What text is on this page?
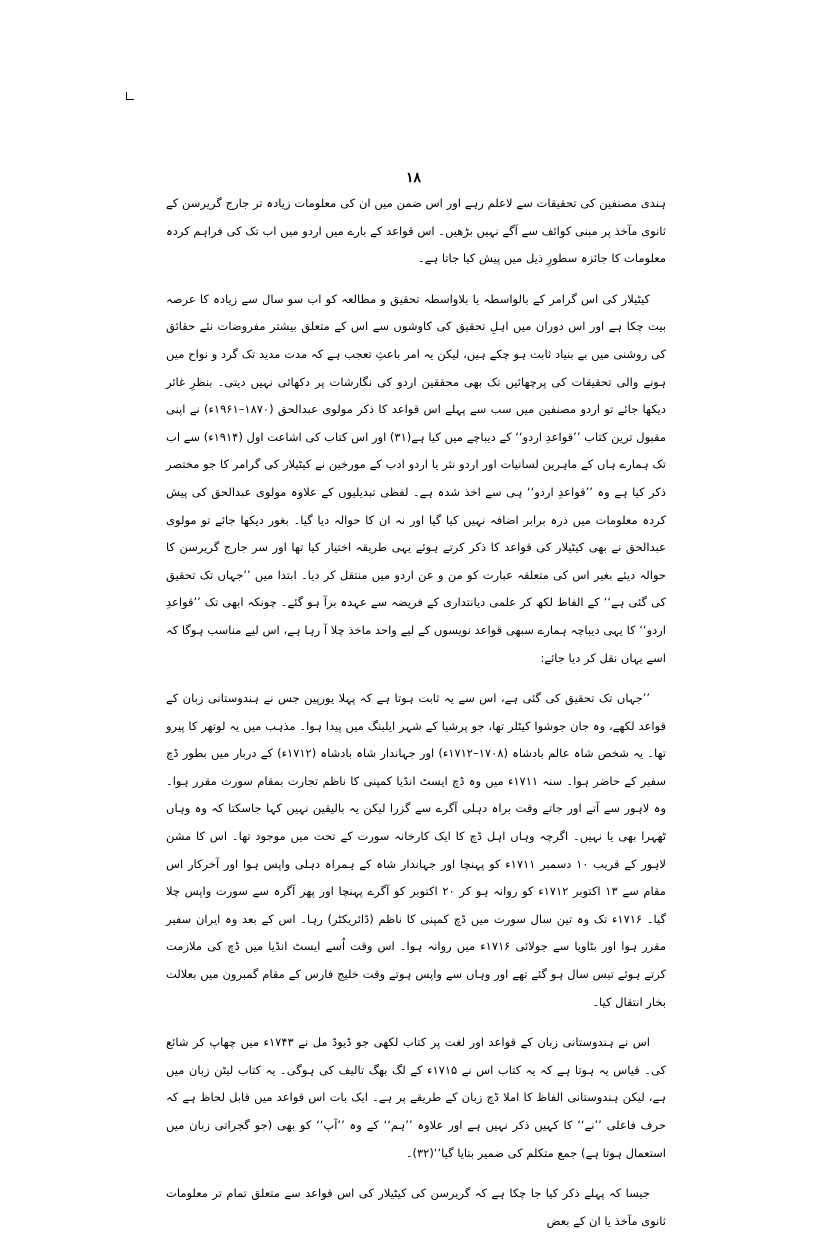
۱۸

ہندی مصنفین کی تحقیقات سے لاعلم رہے اور اس ضمن میں ان کی معلومات زیادہ تر جارج گریرسن کے ثانوی مآخذ پر مبنی کوائف سے آگے نہیں بڑھیں۔ اس قواعد کے بارے میں اردو میں اب تک کی فراہم کردہ معلومات کا جائزہ سطورِ ذیل میں پیش کیا جاتا ہے۔

کیٹیلار کی اس گرامر کے بالواسطہ یا بلاواسطہ تحقیق و مطالعہ کو اب سو سال سے زیادہ کا عرصہ بیت چکا ہے اور اس دوران میں اہلِ تحقیق کی کاوشوں سے اس کے متعلق بیشتر مفروضات نئے حقائق کی روشنی میں بے بنیاد ثابت ہو چکے ہیں، لیکن یہ امر باعثِ تعجب ہے کہ مدت مدید تک گرد و نواح میں ہونے والی تحقیقات کی پرچھائیں تک بھی محققین اردو کی نگارشات پر دکھائی نہیں دیتی۔ بنظرِ غائر دیکھا جائے تو اردو مصنفین میں سب سے پہلے اس قواعد کا ذکر مولوی عبدالحق (۱۸۷۰–۱۹۶۱ء) نے اپنی مقبول ترین کتاب ’’قواعدِ اردو‘‘ کے دیباچے میں کیا ہے(۳۱) اور اس کتاب کی اشاعت اول (۱۹۱۴ء) سے اب تک ہمارے ہاں کے ماہرین لسانیات اور اردو نثر یا اردو ادب کے مورخین نے کیٹیلار کی گرامر کا جو مختصر ذکر کیا ہے وہ ’’قواعدِ اردو‘‘ ہی سے اخذ شدہ ہے۔ لفظی تبدیلیوں کے علاوہ مولوی عبدالحق کی پیش کردہ معلومات میں ذرہ برابر اضافہ نہیں کیا گیا اور نہ ان کا حوالہ دیا گیا۔ بغور دیکھا جائے تو مولوی عبدالحق نے بھی کیٹیلار کی قواعد کا ذکر کرتے ہوئے یہی طریقہ اختیار کیا تھا اور سر جارج گریرسن کا حوالہ دیئے بغیر اس کی متعلقہ عبارت کو من و عن اردو میں منتقل کر دیا۔ ابتدا میں ’’جہاں تک تحقیق کی گئی ہے‘‘ کے الفاظ لکھ کر علمی دیانتداری کے فریضہ سے عہدہ برآ ہو گئے۔ چونکہ ابھی تک ’’قواعدِ اردو‘‘ کا یہی دیباچہ ہمارے سبھی قواعد نویسوں کے لیے واحد ماخذ چلا آ رہا ہے، اس لیے مناسب ہوگا کہ اسے یہاں نقل کر دیا جائے:

’’جہاں تک تحقیق کی گئی ہے، اس سے یہ ثابت ہوتا ہے کہ پہلا یورپین جس نے ہندوستانی زبان کے قواعد لکھے، وہ جان جوشوا کیٹلر تھا، جو پرشیا کے شہر ایلبنگ میں پیدا ہوا۔ مذہب میں یہ لوتھر کا پیرو تھا۔ یہ شخص شاہ عالم بادشاہ (۱۷۰۸–۱۷۱۲ء) اور جہاندار شاہ بادشاہ (۱۷۱۲ء) کے دربار میں بطور ڈچ سفیر کے حاضر ہوا۔ سنہ ۱۷۱۱ء میں وہ ڈچ ایسٹ انڈیا کمپنی کا ناظم تجارت بمقام سورت مقرر ہوا۔ وہ لاہور سے آتے اور جاتے وقت براہ دہلی آگرے سے گزرا لیکن یہ بالیقین نہیں کہا جاسکتا کہ وہ وہاں ٹھہرا بھی یا نہیں۔ اگرچہ وہاں اہل ڈچ کا ایک کارخانہ سورت کے تحت میں موجود تھا۔ اس کا مشن لاہور کے قریب ۱۰ دسمبر ۱۷۱۱ء کو پہنچا اور جہاندار شاہ کے ہمراہ دہلی واپس ہوا اور آخرکار اس مقام سے ۱۳ اکتوبر ۱۷۱۲ء کو روانہ ہو کر ۲۰ اکتوبر کو آگرے پہنچا اور پھر آگرہ سے سورت واپس چلا گیا۔ ۱۷۱۶ء تک وہ تین سال سورت میں ڈچ کمپنی کا ناظم (ڈائریکٹر) رہا۔ اس کے بعد وہ ایران سفیر مقرر ہوا اور بٹاویا سے جولائی ۱۷۱۶ء میں روانہ ہوا۔ اس وقت اُسے ایسٹ انڈیا میں ڈچ کی ملازمت کرتے ہوئے تیس سال ہو گئے تھے اور وہاں سے واپس ہوتے وقت خلیج فارس کے مقام گمبرون میں بعلالت بخار انتقال کیا۔

اس نے ہندوستانی زبان کے قواعد اور لغت پر کتاب لکھی جو ڈیوڈ مل نے ۱۷۴۳ء میں چھاپ کر شائع کی۔ قیاس یہ ہوتا ہے کہ یہ کتاب اس نے ۱۷۱۵ء کے لگ بھگ تالیف کی ہوگی۔ یہ کتاب لیٹن زبان میں ہے، لیکن ہندوستانی الفاظ کا املا ڈچ زبان کے طریقے پر ہے۔ ایک بات اس قواعد میں قابل لحاظ ہے کہ حرف فاعلی ’’نے‘‘ کا کہیں ذکر نہیں ہے اور علاوہ ’’ہم‘‘ کے وہ ’’آپ‘‘ کو بھی (جو گجراتی زبان میں استعمال ہوتا ہے) جمع متکلم کی ضمیر بتایا گیا‘‘(۳۲)۔

جیسا کہ پہلے ذکر کیا جا چکا ہے کہ گریرسن کی کیٹیلار کی اس قواعد سے متعلق تمام تر معلومات ثانوی مآخذ یا ان کے بعض
